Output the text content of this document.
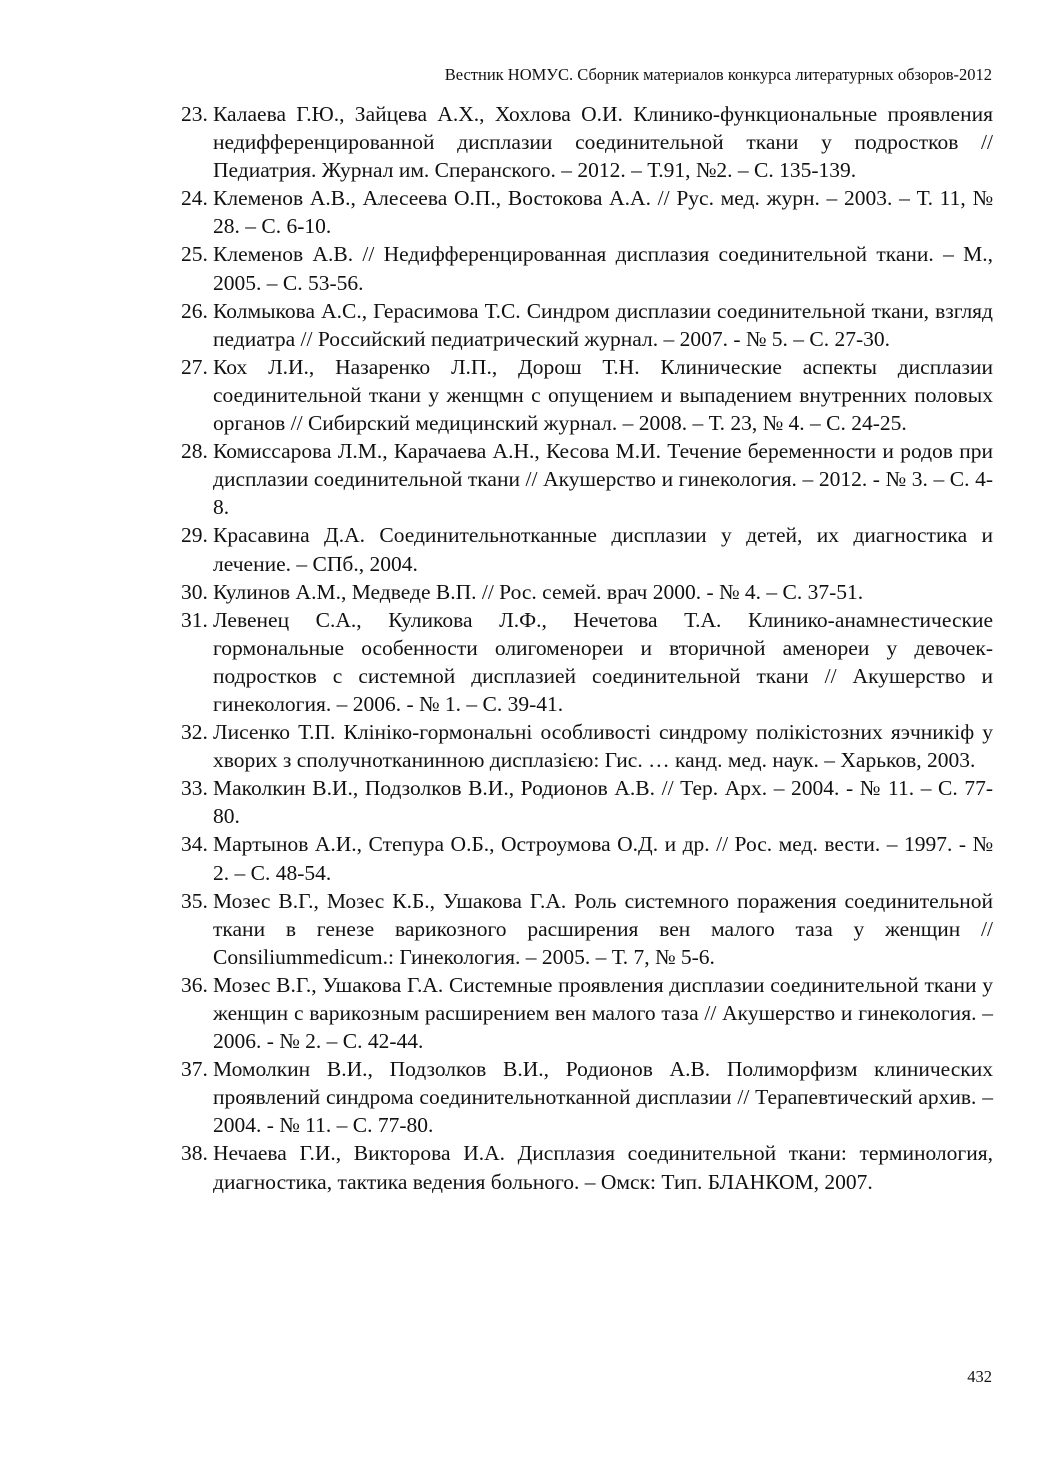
Вестник НОМУС. Сборник материалов конкурса литературных обзоров-2012
23. Калаева Г.Ю., Зайцева А.Х., Хохлова О.И. Клинико-функциональные проявления недифференцированной дисплазии соединительной ткани у подростков // Педиатрия. Журнал им. Сперанского. – 2012. – Т.91, №2. – С. 135-139.
24. Клеменов А.В., Алесеева О.П., Востокова А.А. // Рус. мед. журн. – 2003. – Т. 11, № 28. – С. 6-10.
25. Клеменов А.В. // Недифференцированная дисплазия соединительной ткани. – М., 2005. – С. 53-56.
26. Колмыкова А.С., Герасимова Т.С. Синдром дисплазии соединительной ткани, взгляд педиатра // Российский педиатрический журнал. – 2007. - № 5. – С. 27-30.
27. Кох Л.И., Назаренко Л.П., Дорош Т.Н. Клинические аспекты дисплазии соединительной ткани у женщмн с опущением и выпадением внутренних половых органов // Сибирский медицинский журнал. – 2008. – Т. 23, № 4. – С. 24-25.
28. Комиссарова Л.М., Карачаева А.Н., Кесова М.И. Течение беременности и родов при дисплазии соединительной ткани // Акушерство и гинекология. – 2012. - № 3. – С. 4-8.
29. Красавина Д.А. Соединительнотканные дисплазии у детей, их диагностика и лечение. – СПб., 2004.
30. Кулинов А.М., Медведе В.П. // Рос. семей. врач 2000. - № 4. – С. 37-51.
31. Левенец С.А., Куликова Л.Ф., Нечетова Т.А. Клинико-анамнестические гормональные особенности олигоменореи и вторичной аменореи у девочек-подростков с системной дисплазией соединительной ткани // Акушерство и гинекология. – 2006. - № 1. – С. 39-41.
32. Лисенко Т.П. Клініко-гормональні особливості синдрому полікістозних яэчникіф у хворих з сполучнотканинною дисплазією: Гис. … канд. мед. наук. – Харьков, 2003.
33. Маколкин В.И., Подзолков В.И., Родионов А.В. // Тер. Арх. – 2004. - № 11. – С. 77-80.
34. Мартынов А.И., Степура О.Б., Остроумова О.Д. и др. // Рос. мед. вести. – 1997. - № 2. – С. 48-54.
35. Мозес В.Г., Мозес К.Б., Ушакова Г.А. Роль системного поражения соединительной ткани в генезе варикозного расширения вен малого таза у женщин // Consiliummedicum.: Гинекология. – 2005. – Т. 7, № 5-6.
36. Мозес В.Г., Ушакова Г.А. Системные проявления дисплазии соединительной ткани у женщин с варикозным расширением вен малого таза // Акушерство и гинекология. – 2006. - № 2. – С. 42-44.
37. Момолкин В.И., Подзолков В.И., Родионов А.В. Полиморфизм клинических проявлений синдрома соединительнотканной дисплазии // Терапевтический архив. – 2004. - № 11. – С. 77-80.
38. Нечаева Г.И., Викторова И.А. Дисплазия соединительной ткани: терминология, диагностика, тактика ведения больного. – Омск: Тип. БЛАНКОМ, 2007.
432
